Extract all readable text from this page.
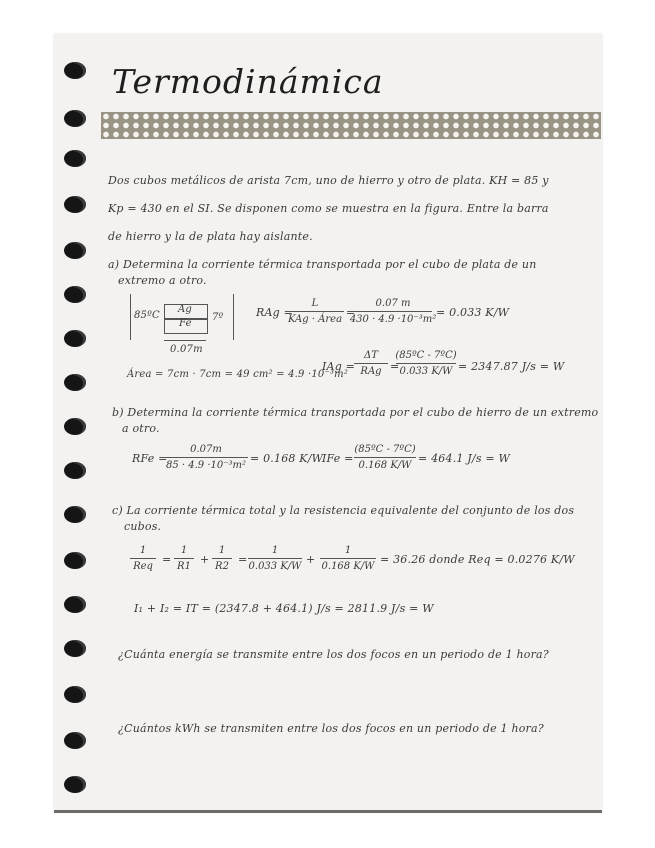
Termodinámica
Dos cubos metálicos de arista 7cm, uno de hierro y otro de plata. KH = 85 y
Kp = 430 en el SI. Se disponen como se muestra en la figura. Entre la barra
de hierro y la de plata hay aislante.
a) Determina la corriente térmica transportada por el cubo de plata de un
extremo a otro.
85ºC
Ag
Fe
7º
0.07m
RAg =
L
KAg · Área
=
0.07 m
430 · 4.9 ·10⁻³m²
= 0.033 K/W
Área = 7cm · 7cm = 49 cm² = 4.9 ·10⁻³m²
IAg =
ΔT
RAg =
(85ºC - 7ºC)
0.033 K/W = 2347.87 J/s = W
b) Determina la corriente térmica transportada por el cubo de hierro de un extremo
a otro.
RFe =
0.07m
85 · 4.9 ·10⁻³m²
= 0.168 K/W
IFe =
(85ºC - 7ºC)
0.168 K/W
= 464.1 J/s = W
c) La corriente térmica total y la resistencia equivalente del conjunto de los dos
cubos.
1
Req
=
1
R1
+
1
R2
=
1
0.033 K/W
+
1
0.168 K/W
= 36.26 donde Req = 0.0276 K/W
I₁ + I₂ = IT = (2347.8 + 464.1) J/s = 2811.9 J/s = W
¿Cuánta energía se transmite entre los dos focos en un periodo de 1 hora?
¿Cuántos kWh se transmiten entre los dos focos en un periodo de 1 hora?
